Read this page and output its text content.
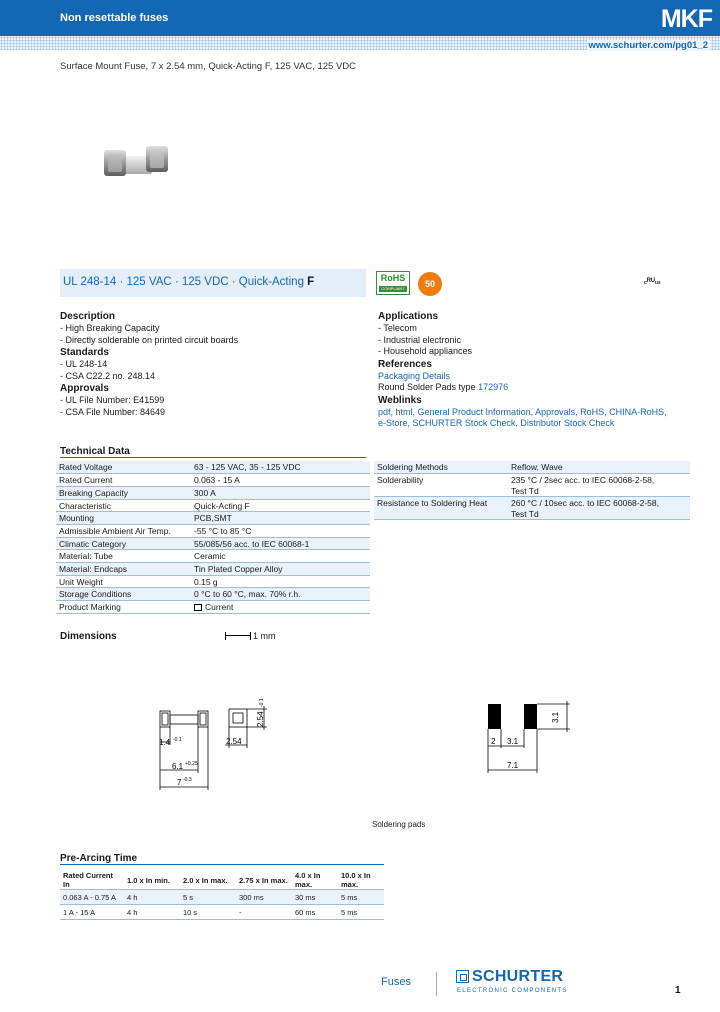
Non resettable fuses	MKF
www.schurter.com/pg01_2
Surface Mount Fuse, 7 x 2.54 mm, Quick-Acting F, 125 VAC, 125 VDC
UL 248-14 · 125 VAC · 125 VDC · Quick-Acting F	RoHS
COMPLIANT	50	cᴿᵁus
Description
- High Breaking Capacity
- Directly solderable on printed circuit boards
Standards
- UL 248-14
- CSA C22.2 no. 248.14
Approvals
- UL File Number: E41599
- CSA File Number: 84649
Applications
- Telecom
- Industrial electronic
- Household appliances
References
Packaging Details
Round Solder Pads type 172976
Weblinks
pdf, html, General Product Information, Approvals, RoHS, CHINA-RoHS,
e-Store, SCHURTER Stock Check, Distributor Stock Check
Technical Data
Rated Voltage	63 - 125 VAC, 35 - 125 VDC
Rated Current	0.063 - 15 A
Breaking Capacity	300 A
Characteristic	Quick-Acting F
Mounting	PCB,SMT
Admissible Ambient Air Temp.	-55 °C to 85 °C
Climatic Category	55/085/56 acc. to IEC 60068-1
Material: Tube	Ceramic
Material: Endcaps	Tin Plated Copper Alloy
Unit Weight	0.15 g
Storage Conditions	0 °C to 60 °C, max. 70% r.h.
Product Marking	Current
Soldering Methods	Reflow, Wave
Solderability	235 °C / 2sec acc. to IEC 60068-2-58,
Test Td

Resistance to Soldering Heat	260 °C / 10sec acc. to IEC 60068-2-58,
Test Td
Dimensions	1 mm
1.4 -0.1
6.1 +0.25
7 -0.3
2.54
2.54
-0.1
2 3.1
7.1
3.1
Soldering pads
Pre-Arcing Time
Rated Current In	1.0 x In min.	2.0 x In max.	2.75 x In max.	4.0 x In max.	10.0 x In max.
0.063 A - 0.75 A	4 h	5 s	300 ms	30 ms	5 ms
1 A - 15 A	4 h	10 s	-	60 ms	5 ms
Fuses	SCHURTER
ELECTRONIC COMPONENTS	1
